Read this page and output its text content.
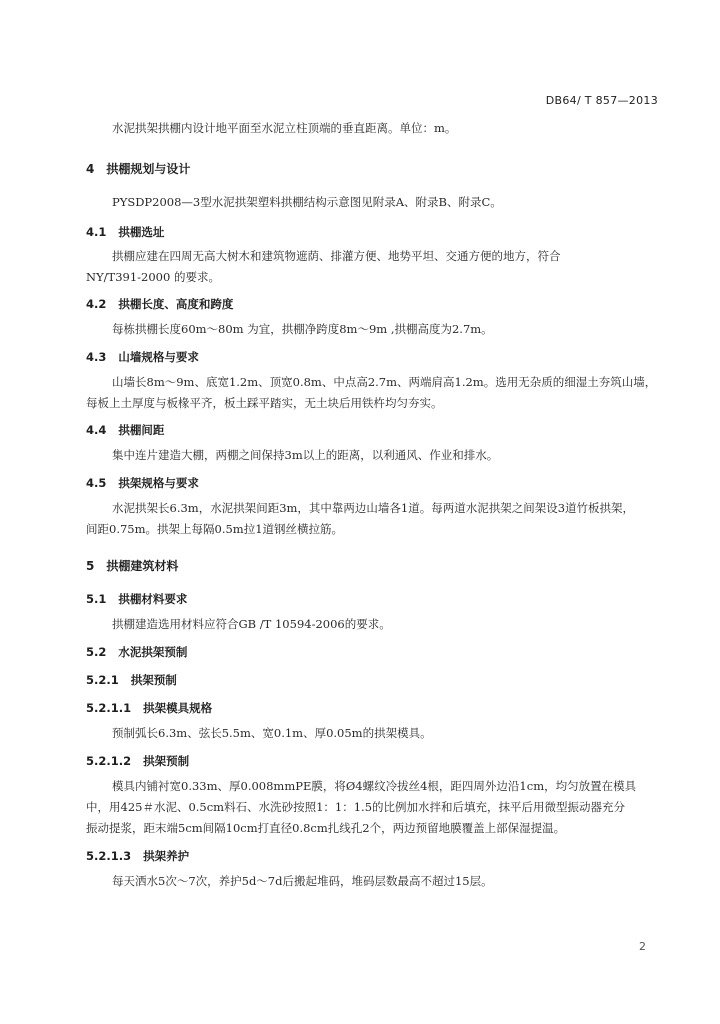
DB64/ T 857—2013

水泥拱架拱棚内设计地平面至水泥立柱顶端的垂直距离。单位：m。

4 拱棚规划与设计

PYSDP2008—3型水泥拱架塑料拱棚结构示意图见附录A、附录B、附录C。

4.1 拱棚选址

拱棚应建在四周无高大树木和建筑物遮荫、排灌方便、地势平坦、交通方便的地方，符合

NY/T391-2000 的要求。

4.2 拱棚长度、高度和跨度

每栋拱棚长度60m～80m 为宜，拱棚净跨度8m～9m ,拱棚高度为2.7m。

4.3 山墙规格与要求

山墙长8m～9m、底宽1.2m、顶宽0.8m、中点高2.7m、两端肩高1.2m。选用无杂质的细湿土夯筑山墙，

每板上土厚度与板椽平齐，板土踩平踏实，无土块后用铁杵均匀夯实。

4.4 拱棚间距

集中连片建造大棚，两棚之间保持3m以上的距离，以利通风、作业和排水。

4.5 拱架规格与要求

水泥拱架长6.3m，水泥拱架间距3m，其中靠两边山墙各1道。每两道水泥拱架之间架设3道竹板拱架，

间距0.75m。拱架上每隔0.5m拉1道钢丝横拉筋。

5 拱棚建筑材料

5.1 拱棚材料要求

拱棚建造选用材料应符合GB /T 10594-2006的要求。

5.2 水泥拱架预制

5.2.1 拱架预制

5.2.1.1 拱架模具规格

预制弧长6.3m、弦长5.5m、宽0.1m、厚0.05m的拱架模具。

5.2.1.2 拱架预制

模具内铺衬宽0.33m、厚0.008mmPE膜，将Ø4螺纹冷拔丝4根，距四周外边沿1cm，均匀放置在模具

中，用425＃水泥、0.5cm料石、水洗砂按照1：1：1.5的比例加水拌和后填充，抹平后用微型振动器充分

振动提浆，距末端5cm间隔10cm打直径0.8cm扎线孔2个，两边预留地膜覆盖上部保湿提温。

5.2.1.3 拱架养护

每天洒水5次～7次，养护5d～7d后搬起堆码，堆码层数最高不超过15层。

2
